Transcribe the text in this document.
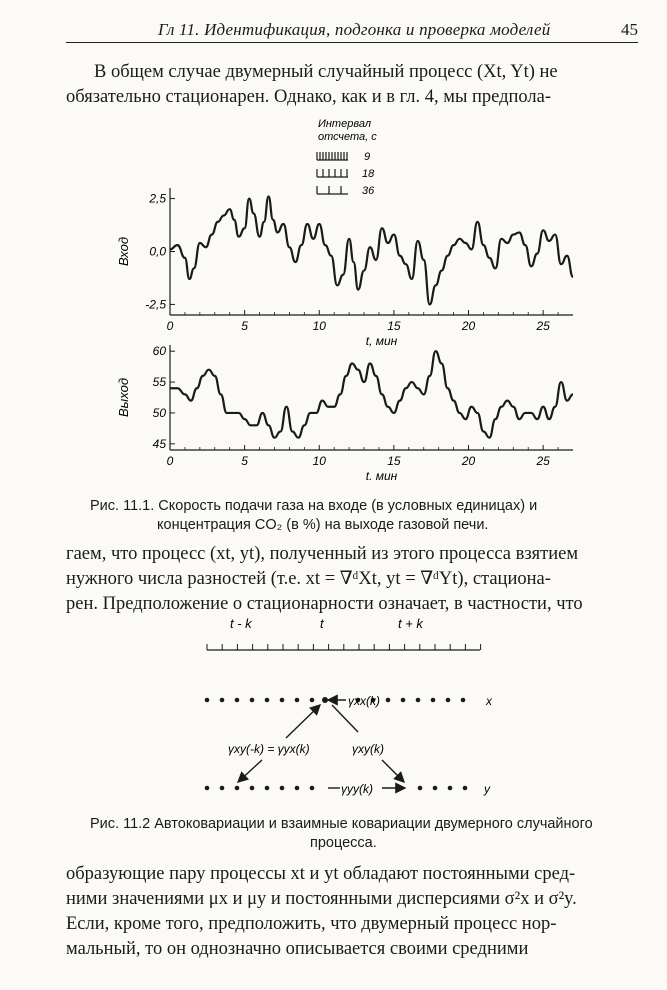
Гл 11. Идентификация, подгонка и проверка моделей	45
В общем случае двумерный случайный процесс (Xt, Yt) не
обязательно стационарен. Однако, как и в гл. 4, мы предпола-
Интервал
отсчета, с
9
18
36
0	5	10	15	20	25
2,5
0,0
-2,5
Вход
t, мин
0	5	10	15	20	25
60
55
50
45
Выход
t. мин
Рис. 11.1. Скорость подачи газа на входе (в условных единицах) и
концентрация CO₂ (в %) на выходе газовой печи.
гаем, что процесс (xt, yt), полученный из этого процесса взятием
нужного числа разностей (т.е. xt = ∇ᵈXt, yt = ∇ᵈYt), стациона-
рен. Предположение о стационарности означает, в частности, что
t - k	t	t + k
x
y
γxx(k)
γyy(k)
γxy(-k) = γyx(k)	γxy(k)
Рис. 11.2 Автоковариации и взаимные ковариации двумерного случайного
процесса.
образующие пару процессы xt и yt обладают постоянными сред-
ними значениями μx и μy и постоянными дисперсиями σ²x и σ²y.
Если, кроме того, предположить, что двумерный процесс нор-
мальный, то он однозначно описывается своими средними
